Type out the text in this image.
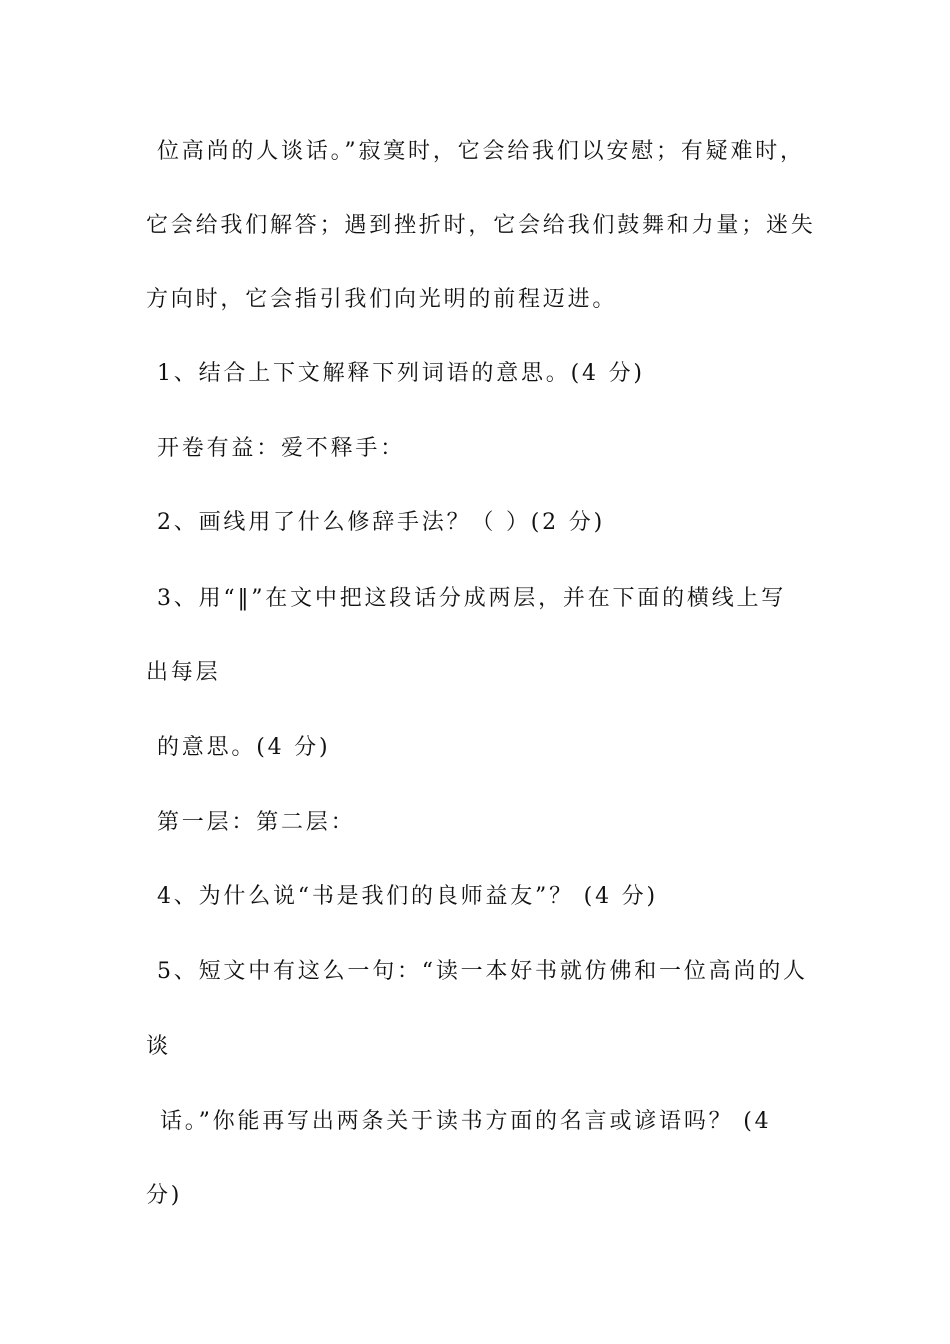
位高尚的人谈话。”寂寞时，它会给我们以安慰；有疑难时，
它会给我们解答；遇到挫折时，它会给我们鼓舞和力量；迷失
方向时，它会指引我们向光明的前程迈进。
1、结合上下文解释下列词语的意思。(4 分)
开卷有益：爱不释手：
2、画线用了什么修辞手法？（ ）(2 分)
3、用“‖”在文中把这段话分成两层，并在下面的横线上写
出每层
的意思。(4 分)
第一层：第二层：
4、为什么说“书是我们的良师益友”？ (4 分)
5、短文中有这么一句：“读一本好书就仿佛和一位高尚的人
谈
话。”你能再写出两条关于读书方面的名言或谚语吗？ (4
分)
